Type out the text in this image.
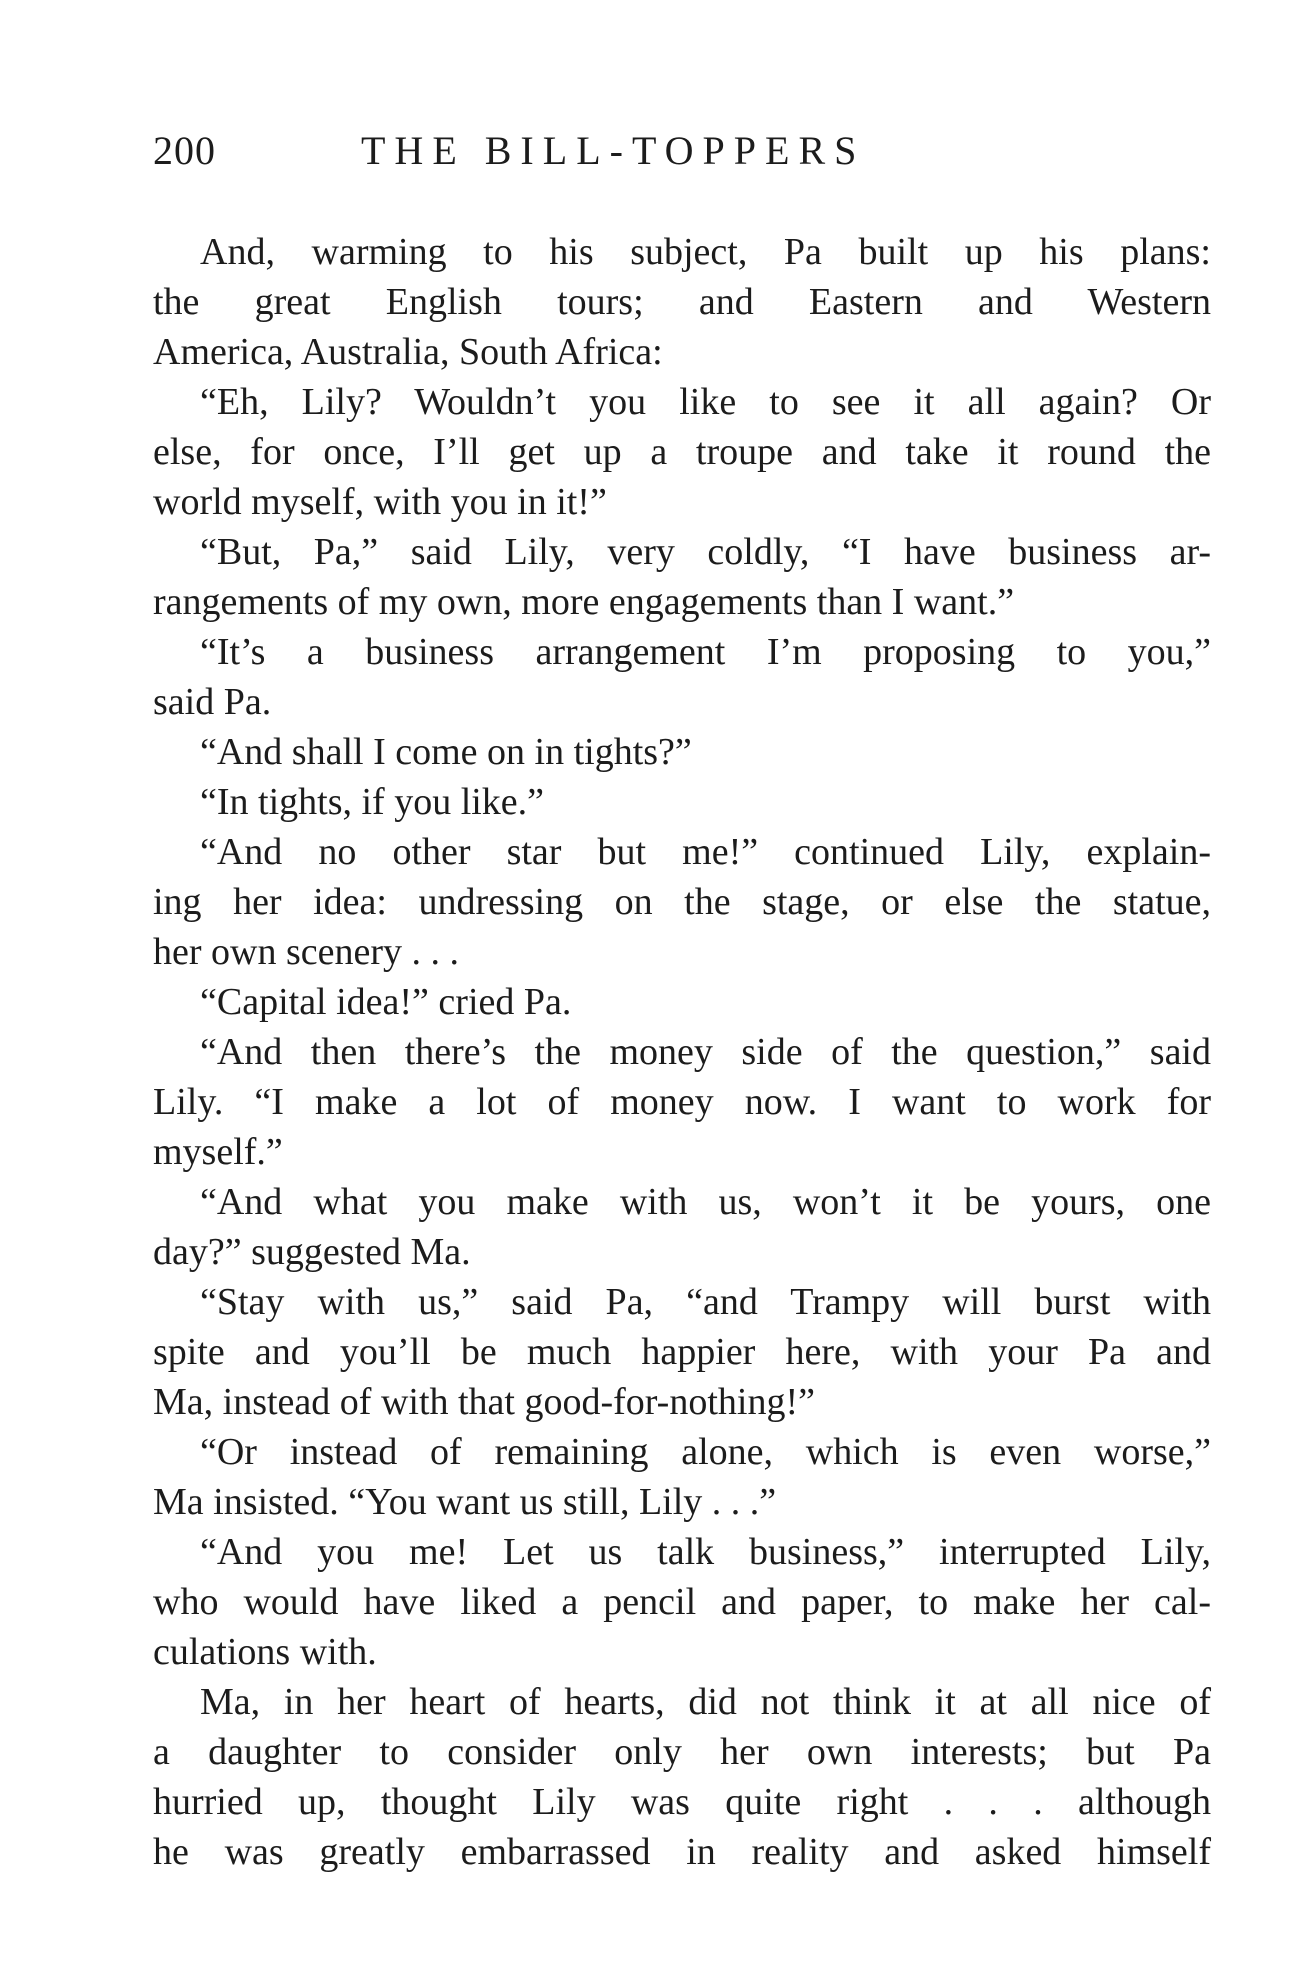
200	THE BILL-TOPPERS
And, warming to his subject, Pa built up his plans:
the great English tours; and Eastern and Western
America, Australia, South Africa:
“Eh, Lily? Wouldn’t you like to see it all again? Or
else, for once, I’ll get up a troupe and take it round the
world myself, with you in it!”
“But, Pa,” said Lily, very coldly, “I have business ar-
rangements of my own, more engagements than I want.”
“It’s a business arrangement I’m proposing to you,”
said Pa.
“And shall I come on in tights?”
“In tights, if you like.”
“And no other star but me!” continued Lily, explain-
ing her idea: undressing on the stage, or else the statue,
her own scenery . . .
“Capital idea!” cried Pa.
“And then there’s the money side of the question,” said
Lily. “I make a lot of money now. I want to work for
myself.”
“And what you make with us, won’t it be yours, one
day?” suggested Ma.
“Stay with us,” said Pa, “and Trampy will burst with
spite and you’ll be much happier here, with your Pa and
Ma, instead of with that good-for-nothing!”
“Or instead of remaining alone, which is even worse,”
Ma insisted. “You want us still, Lily . . .”
“And you me! Let us talk business,” interrupted Lily,
who would have liked a pencil and paper, to make her cal-
culations with.
Ma, in her heart of hearts, did not think it at all nice of
a daughter to consider only her own interests; but Pa
hurried up, thought Lily was quite right . . . although
he was greatly embarrassed in reality and asked himself
